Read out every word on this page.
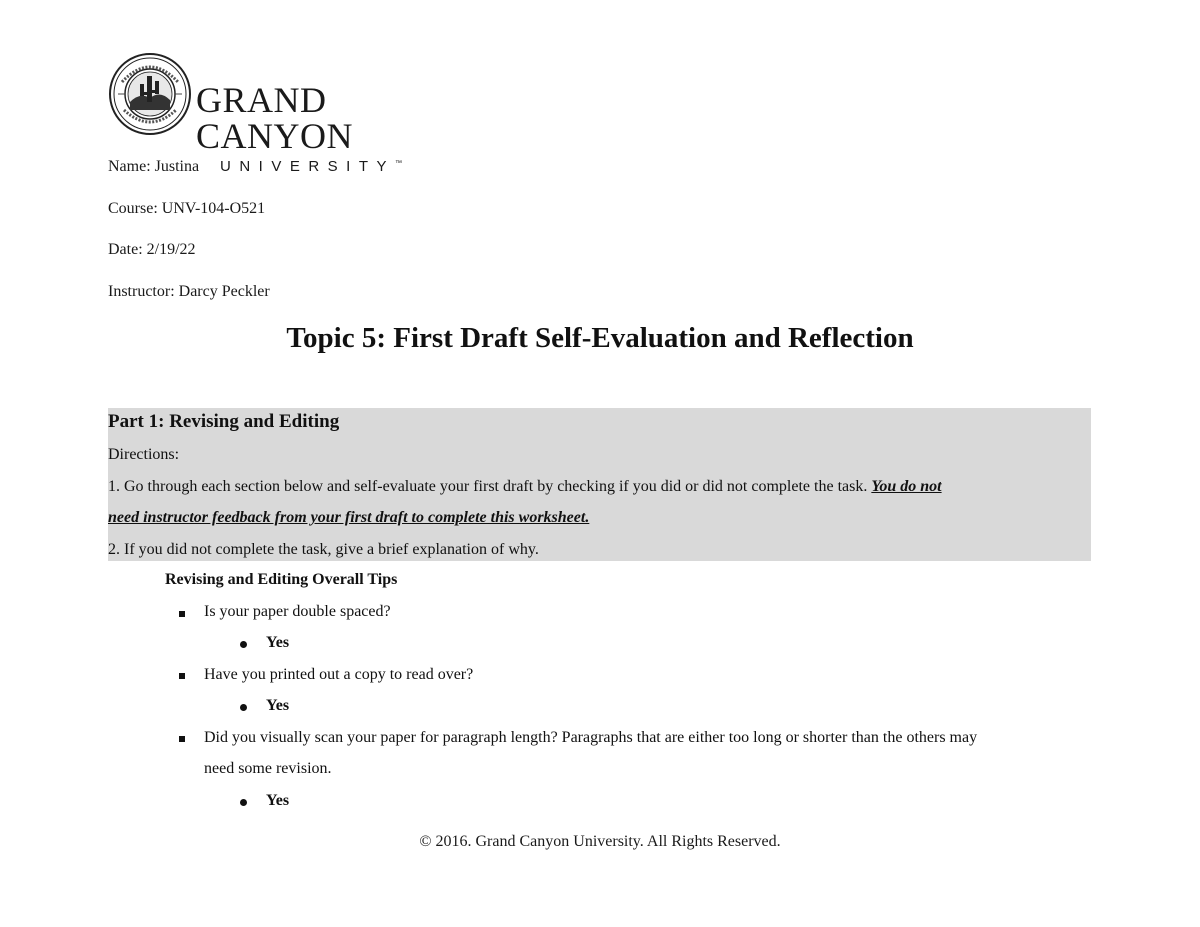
GRAND CANYON
UNIVERSITY™
Name: Justina
Course: UNV-104-O521
Date: 2/19/22
Instructor: Darcy Peckler
Topic 5: First Draft Self-Evaluation and Reflection
Part 1: Revising and Editing
Directions:
1. Go through each section below and self-evaluate your first draft by checking if you did or did not complete the task. You do not
need instructor feedback from your first draft to complete this worksheet.
2. If you did not complete the task, give a brief explanation of why.
Revising and Editing Overall Tips
Is your paper double spaced?
Yes
Have you printed out a copy to read over?
Yes
Did you visually scan your paper for paragraph length? Paragraphs that are either too long or shorter than the others may
need some revision.
Yes
© 2016. Grand Canyon University. All Rights Reserved.
